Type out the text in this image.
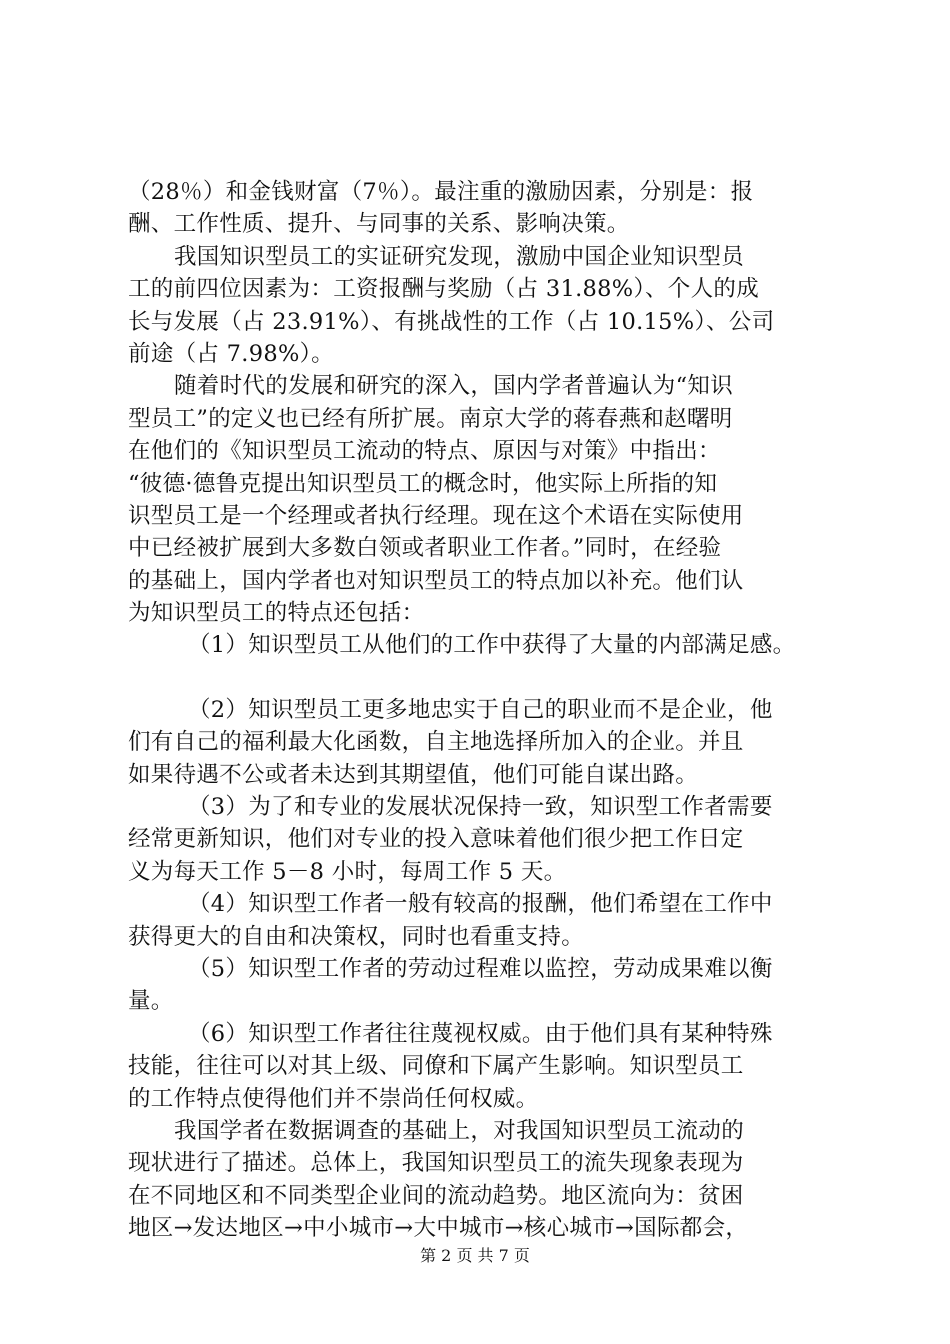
（28％）和金钱财富（7％）。最注重的激励因素，分别是：报
酬、工作性质、提升、与同事的关系、影响决策。
我国知识型员工的实证研究发现，激励中国企业知识型员
工的前四位因素为：工资报酬与奖励（占 31.88%）、个人的成
长与发展（占 23.91%）、有挑战性的工作（占 10.15%）、公司
前途（占 7.98%）。
随着时代的发展和研究的深入，国内学者普遍认为“知识
型员工”的定义也已经有所扩展。南京大学的蒋春燕和赵曙明
在他们的《知识型员工流动的特点、原因与对策》中指出：
“彼德·德鲁克提出知识型员工的概念时，他实际上所指的知
识型员工是一个经理或者执行经理。现在这个术语在实际使用
中已经被扩展到大多数白领或者职业工作者。”同时，在经验
的基础上，国内学者也对知识型员工的特点加以补充。他们认
为知识型员工的特点还包括：
（1）知识型员工从他们的工作中获得了大量的内部满足感。
（2）知识型员工更多地忠实于自己的职业而不是企业，他
们有自己的福利最大化函数，自主地选择所加入的企业。并且
如果待遇不公或者未达到其期望值，他们可能自谋出路。
（3）为了和专业的发展状况保持一致，知识型工作者需要
经常更新知识，他们对专业的投入意味着他们很少把工作日定
义为每天工作 5－8 小时，每周工作 5 天。
（4）知识型工作者一般有较高的报酬，他们希望在工作中
获得更大的自由和决策权，同时也看重支持。
（5）知识型工作者的劳动过程难以监控，劳动成果难以衡
量。
（6）知识型工作者往往蔑视权威。由于他们具有某种特殊
技能，往往可以对其上级、同僚和下属产生影响。知识型员工
的工作特点使得他们并不崇尚任何权威。
我国学者在数据调查的基础上，对我国知识型员工流动的
现状进行了描述。总体上，我国知识型员工的流失现象表现为
在不同地区和不同类型企业间的流动趋势。地区流向为：贫困
地区→发达地区→中小城市→大中城市→核心城市→国际都会，
第 2 页 共 7 页
